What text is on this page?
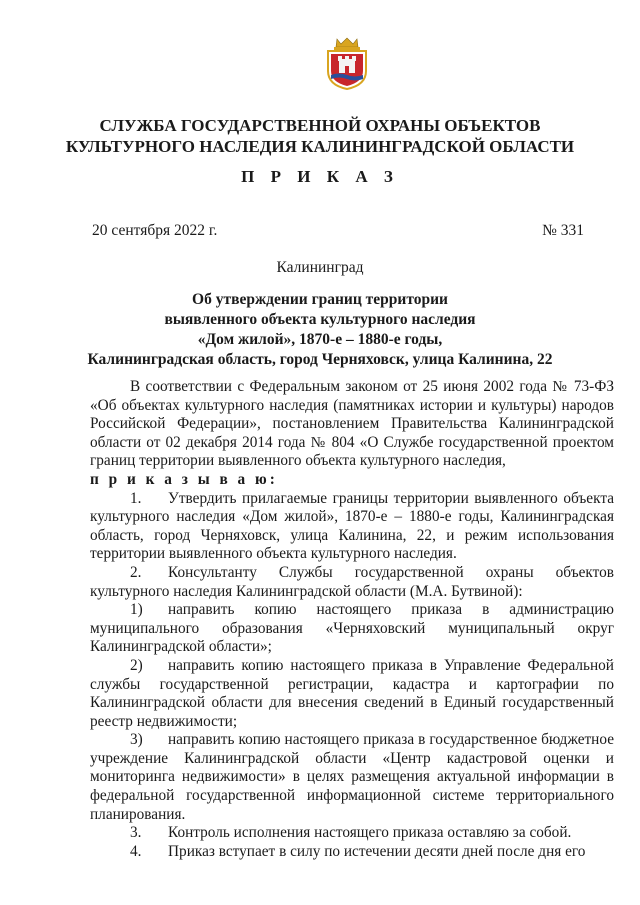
СЛУЖБА ГОСУДАРСТВЕННОЙ ОХРАНЫ ОБЪЕКТОВ
КУЛЬТУРНОГО НАСЛЕДИЯ КАЛИНИНГРАДСКОЙ ОБЛАСТИ
П Р И К А З
20 сентября 2022 г.	№ 331
Калининград
Об утверждении границ территории
выявленного объекта культурного наследия
«Дом жилой», 1870-е – 1880-е годы,
Калининградская область, город Черняховск, улица Калинина, 22

В соответствии с Федеральным законом от 25 июня 2002 года № 73-ФЗ «Об объектах культурного наследия (памятниках истории и культуры) народов Российской Федерации», постановлением Правительства Калининградской области от 02 декабря 2014 года № 804 «О Службе государственной проектом границ территории выявленного объекта культурного наследия,

п р и к а з ы в а ю:

1. Утвердить прилагаемые границы территории выявленного объекта культурного наследия «Дом жилой», 1870-е – 1880-е годы, Калининградская область, город Черняховск, улица Калинина, 22, и режим использования территории выявленного объекта культурного наследия.

2. Консультанту Службы государственной охраны объектов культурного наследия Калининградской области (М.А. Бутвиной):

1) направить копию настоящего приказа в администрацию муниципального образования «Черняховский муниципальный округ Калининградской области»;

2) направить копию настоящего приказа в Управление Федеральной службы государственной регистрации, кадастра и картографии по Калининградской области для внесения сведений в Единый государственный реестр недвижимости;

3) направить копию настоящего приказа в государственное бюджетное учреждение Калининградской области «Центр кадастровой оценки и мониторинга недвижимости» в целях размещения актуальной информации в федеральной государственной информационной системе территориального планирования.

3. Контроль исполнения настоящего приказа оставляю за собой.

4. Приказ вступает в силу по истечении десяти дней после дня его
